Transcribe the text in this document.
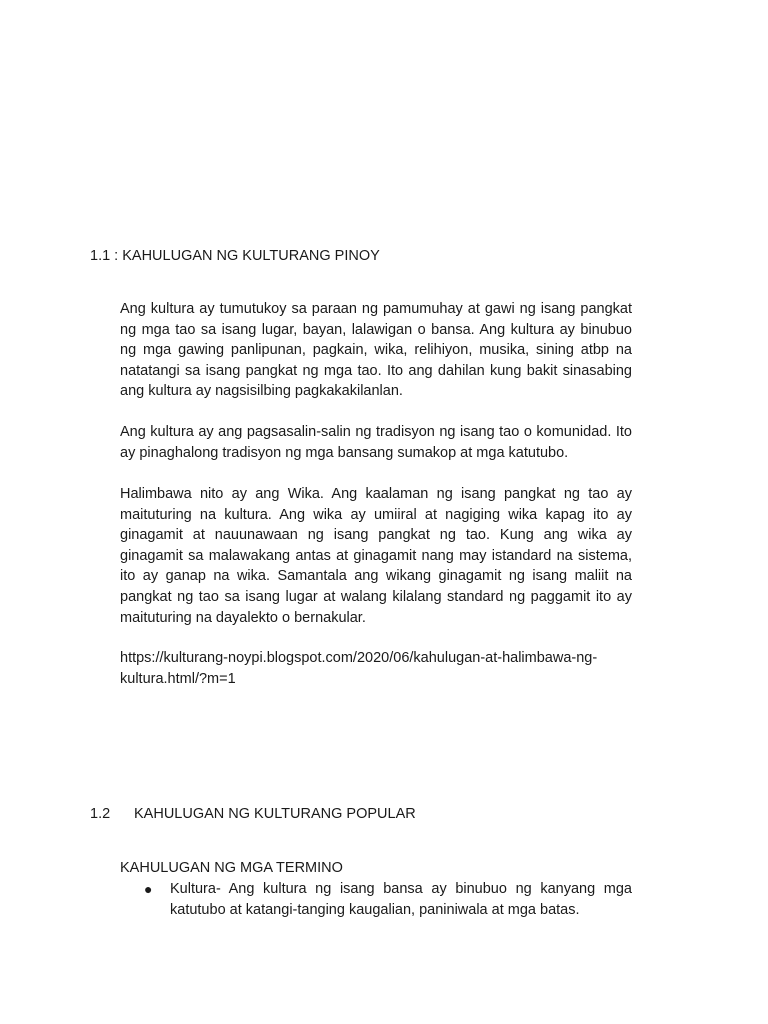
1.1 : KAHULUGAN NG KULTURANG PINOY

Ang kultura ay tumutukoy sa paraan ng pamumuhay at gawi ng isang pangkat ng mga tao sa isang lugar, bayan, lalawigan o bansa. Ang kultura ay binubuo ng mga gawing panlipunan, pagkain, wika, relihiyon, musika, sining atbp na natatangi sa isang pangkat ng mga tao. Ito ang dahilan kung bakit sinasabing ang kultura ay nagsisilbing pagkakakilanlan.

Ang kultura ay ang pagsasalin-salin ng tradisyon ng isang tao o komunidad. Ito ay pinaghalong tradisyon ng mga bansang sumakop at mga katutubo.

Halimbawa nito ay ang Wika. Ang kaalaman ng isang pangkat ng tao ay maituturing na kultura. Ang wika ay umiiral at nagiging wika kapag ito ay ginagamit at nauunawaan ng isang pangkat ng tao. Kung ang wika ay ginagamit sa malawakang antas at ginagamit nang may istandard na sistema, ito ay ganap na wika. Samantala ang wikang ginagamit ng isang maliit na pangkat ng tao sa isang lugar at walang kilalang standard ng paggamit ito ay maituturing na dayalekto o bernakular.

https://kulturang-noypi.blogspot.com/2020/06/kahulugan-at-halimbawa-ng-kultura.html/?m=1

1.2 KAHULUGAN NG KULTURANG POPULAR
KAHULUGAN NG MGA TERMINO
● Kultura- Ang kultura ng isang bansa ay binubuo ng kanyang mga katutubo at katangi-tanging kaugalian, paniniwala at mga batas.
